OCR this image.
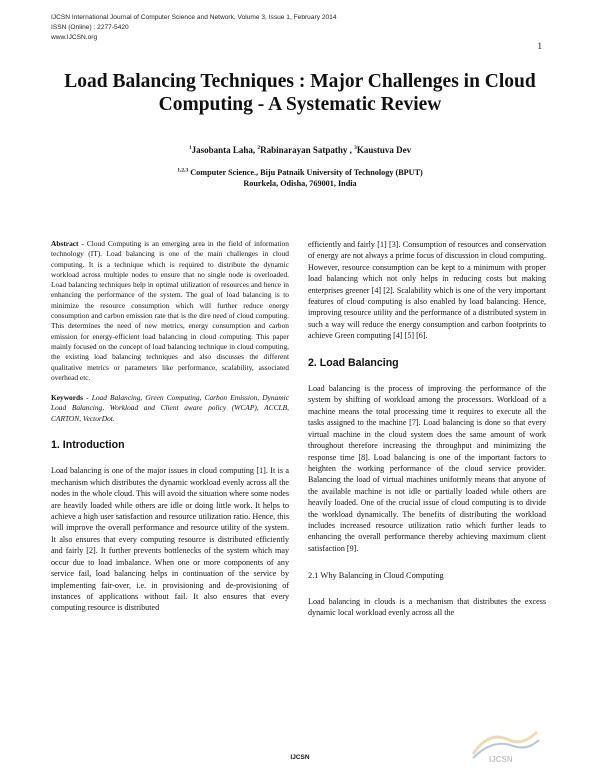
IJCSN International Journal of Computer Science and Network, Volume 3, Issue 1, February 2014
ISSN (Online) : 2277-5420
www.IJCSN.org
1
Load Balancing Techniques : Major Challenges in Cloud
Computing - A Systematic Review
$^1$Jasobanta Laha, $^2$Rabinarayan Satpathy , $^3$Kaustuva Dev
$^{1,2,3}$ Computer Science., Biju Patnaik University of Technology (BPUT)
Rourkela, Odisha, 769001, India

Abstract - Cloud Computing is an emerging area in the field of information technology (IT). Load balancing is one of the main challenges in cloud computing. It is a technique which is required to distribute the dynamic workload across multiple nodes to ensure that no single node is overloaded. Load balancing techniques help in optimal utilization of resources and hence in enhancing the performance of the system. The goal of load balancing is to minimize the resource consumption which will further reduce energy consumption and carbon emission rate that is the dire need of cloud computing. This determines the need of new metrics, energy consumption and carbon emission for energy-efficient load balancing in cloud computing. This paper mainly focused on the concept of load balancing technique in cloud computing, the existing load balancing techniques and also discusses the different qualitative metrics or parameters like performance, scalability, associated overhead etc.

Keywords - Load Balancing, Green Computing, Carbon Emission, Dynamic Load Balancing, Workload and Client aware policy (WCAP), ACCLB, CARTON, VectorDot.

1. Introduction

Load balancing is one of the major issues in cloud computing [1]. It is a mechanism which distributes the dynamic workload evenly across all the nodes in the whole cloud. This will avoid the situation where some nodes are heavily loaded while others are idle or doing little work. It helps to achieve a high user satisfaction and resource utilization ratio. Hence, this will improve the overall performance and resource utility of the system. It also ensures that every computing resource is distributed efficiently and fairly [2]. It further prevents bottlenecks of the system which may occur due to load imbalance. When one or more components of any service fail, load balancing helps in continuation of the service by implementing fair-over, i.e. in provisioning and de-provisioning of instances of applications without fail. It also ensures that every computing resource is distributed

efficiently and fairly [1] [3]. Consumption of resources and conservation of energy are not always a prime focus of discussion in cloud computing. However, resource consumption can be kept to a minimum with proper load balancing which not only helps in reducing costs but making enterprises greener [4] [2]. Scalability which is one of the very important features of cloud computing is also enabled by load balancing. Hence, improving resource utility and the performance of a distributed system in such a way will reduce the energy consumption and carbon footprints to achieve Green computing [4] [5] [6].

2. Load Balancing

Load balancing is the process of improving the performance of the system by shifting of workload among the processors. Workload of a machine means the total processing time it requires to execute all the tasks assigned to the machine [7]. Load balancing is done so that every virtual machine in the cloud system does the same amount of work throughout therefore increasing the throughput and minimizing the response time [8]. Load balancing is one of the important factors to heighten the working performance of the cloud service provider. Balancing the load of virtual machines uniformly means that anyone of the available machine is not idle or partially loaded while others are heavily loaded. One of the crucial issue of cloud computing is to divide the workload dynamically. The benefits of distributing the workload includes increased resource utilization ratio which further leads to enhancing the overall performance thereby achieving maximum client satisfaction [9].

2.1 Why Balancing in Cloud Computing

Load balancing in clouds is a mechanism that distributes the excess dynamic local workload evenly across all the

IJCSN
IJCSN
